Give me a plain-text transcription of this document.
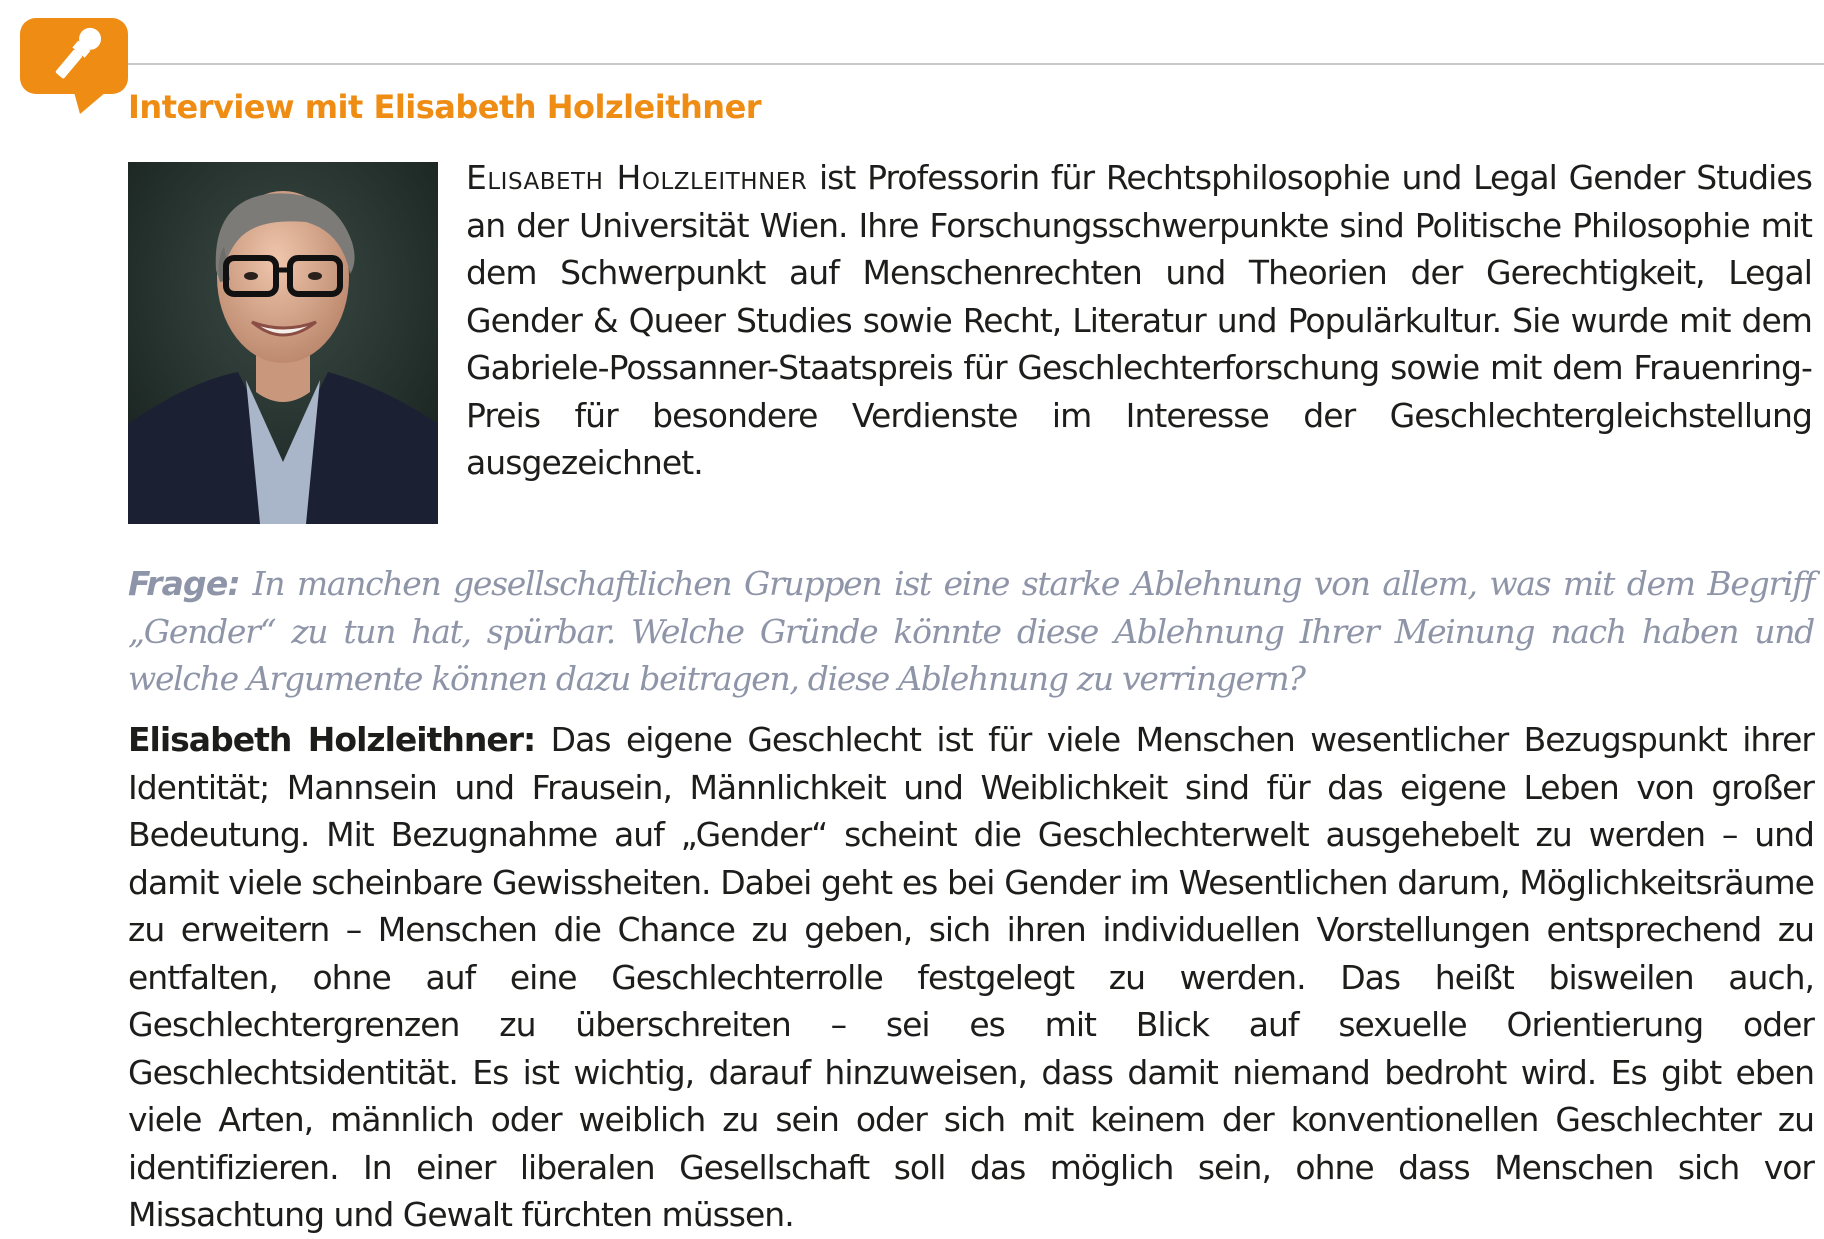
Interview mit Elisabeth Holzleithner

Elisabeth Holzleithner ist Professorin für Rechtsphilosophie und Legal Gender Studies an der Universität Wien. Ihre Forschungsschwerpunkte sind Politische Philosophie mit dem Schwerpunkt auf Menschenrechten und Theorien der Gerechtigkeit, Legal Gender & Queer Studies sowie Recht, Literatur und Populärkultur. Sie wurde mit dem Gabriele-Possanner-Staatspreis für Geschlechterforschung sowie mit dem Frauenring-Preis für besondere Verdienste im Interesse der Geschlechtergleichstellung ausgezeichnet.

Frage: In manchen gesellschaftlichen Gruppen ist eine starke Ablehnung von allem, was mit dem Begriff „Gender“ zu tun hat, spürbar. Welche Gründe könnte diese Ablehnung Ihrer Meinung nach haben und welche Argumente können dazu beitragen, diese Ablehnung zu verringern?

Elisabeth Holzleithner: Das eigene Geschlecht ist für viele Menschen wesentlicher Bezugspunkt ihrer Identität; Mannsein und Frausein, Männlichkeit und Weiblichkeit sind für das eigene Leben von großer Bedeutung. Mit Bezugnahme auf „Gender“ scheint die Geschlechterwelt ausgehebelt zu werden – und damit viele scheinbare Gewissheiten. Dabei geht es bei Gender im Wesentlichen darum, Möglichkeitsräume zu erweitern – Menschen die Chance zu geben, sich ihren individuellen Vorstellungen entsprechend zu entfalten, ohne auf eine Geschlechterrolle festgelegt zu werden. Das heißt bisweilen auch, Geschlechtergrenzen zu überschreiten – sei es mit Blick auf sexuelle Orientierung oder Geschlechtsidentität. Es ist wichtig, darauf hinzuweisen, dass damit niemand bedroht wird. Es gibt eben viele Arten, männlich oder weiblich zu sein oder sich mit keinem der konventionellen Geschlechter zu identifizieren. In einer liberalen Gesellschaft soll das möglich sein, ohne dass Menschen sich vor Missachtung und Gewalt fürchten müssen.
